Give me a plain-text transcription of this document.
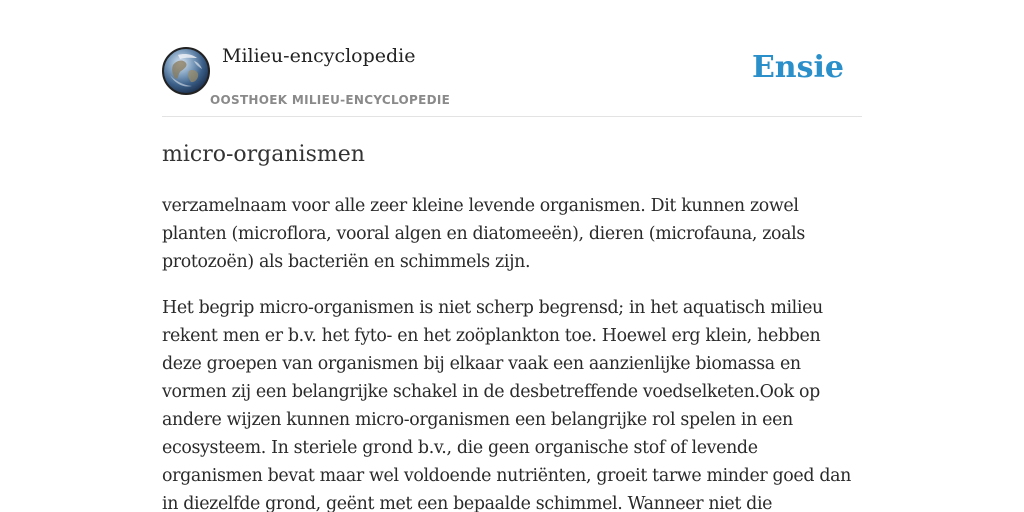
Milieu-encyclopedie
OOSTHOEK MILIEU-ENCYCLOPEDIE
Ensie
micro-organismen

verzamelnaam voor alle zeer kleine levende organismen. Dit kunnen zowel planten (microflora, vooral algen en diatomeeën), dieren (microfauna, zoals protozoën) als bacteriën en schimmels zijn.

Het begrip micro-organismen is niet scherp begrensd; in het aquatisch milieu rekent men er b.v. het fyto- en het zoöplankton toe. Hoewel erg klein, hebben deze groepen van organismen bij elkaar vaak een aanzienlijke biomassa en vormen zij een belangrijke schakel in de desbetreffende voedselketen.Ook op andere wijzen kunnen micro-organismen een belangrijke rol spelen in een ecosysteem. In steriele grond b.v., die geen organische stof of levende organismen bevat maar wel voldoende nutriënten, groeit tarwe minder goed dan in diezelfde grond, geënt met een bepaalde schimmel. Wanneer niet die
